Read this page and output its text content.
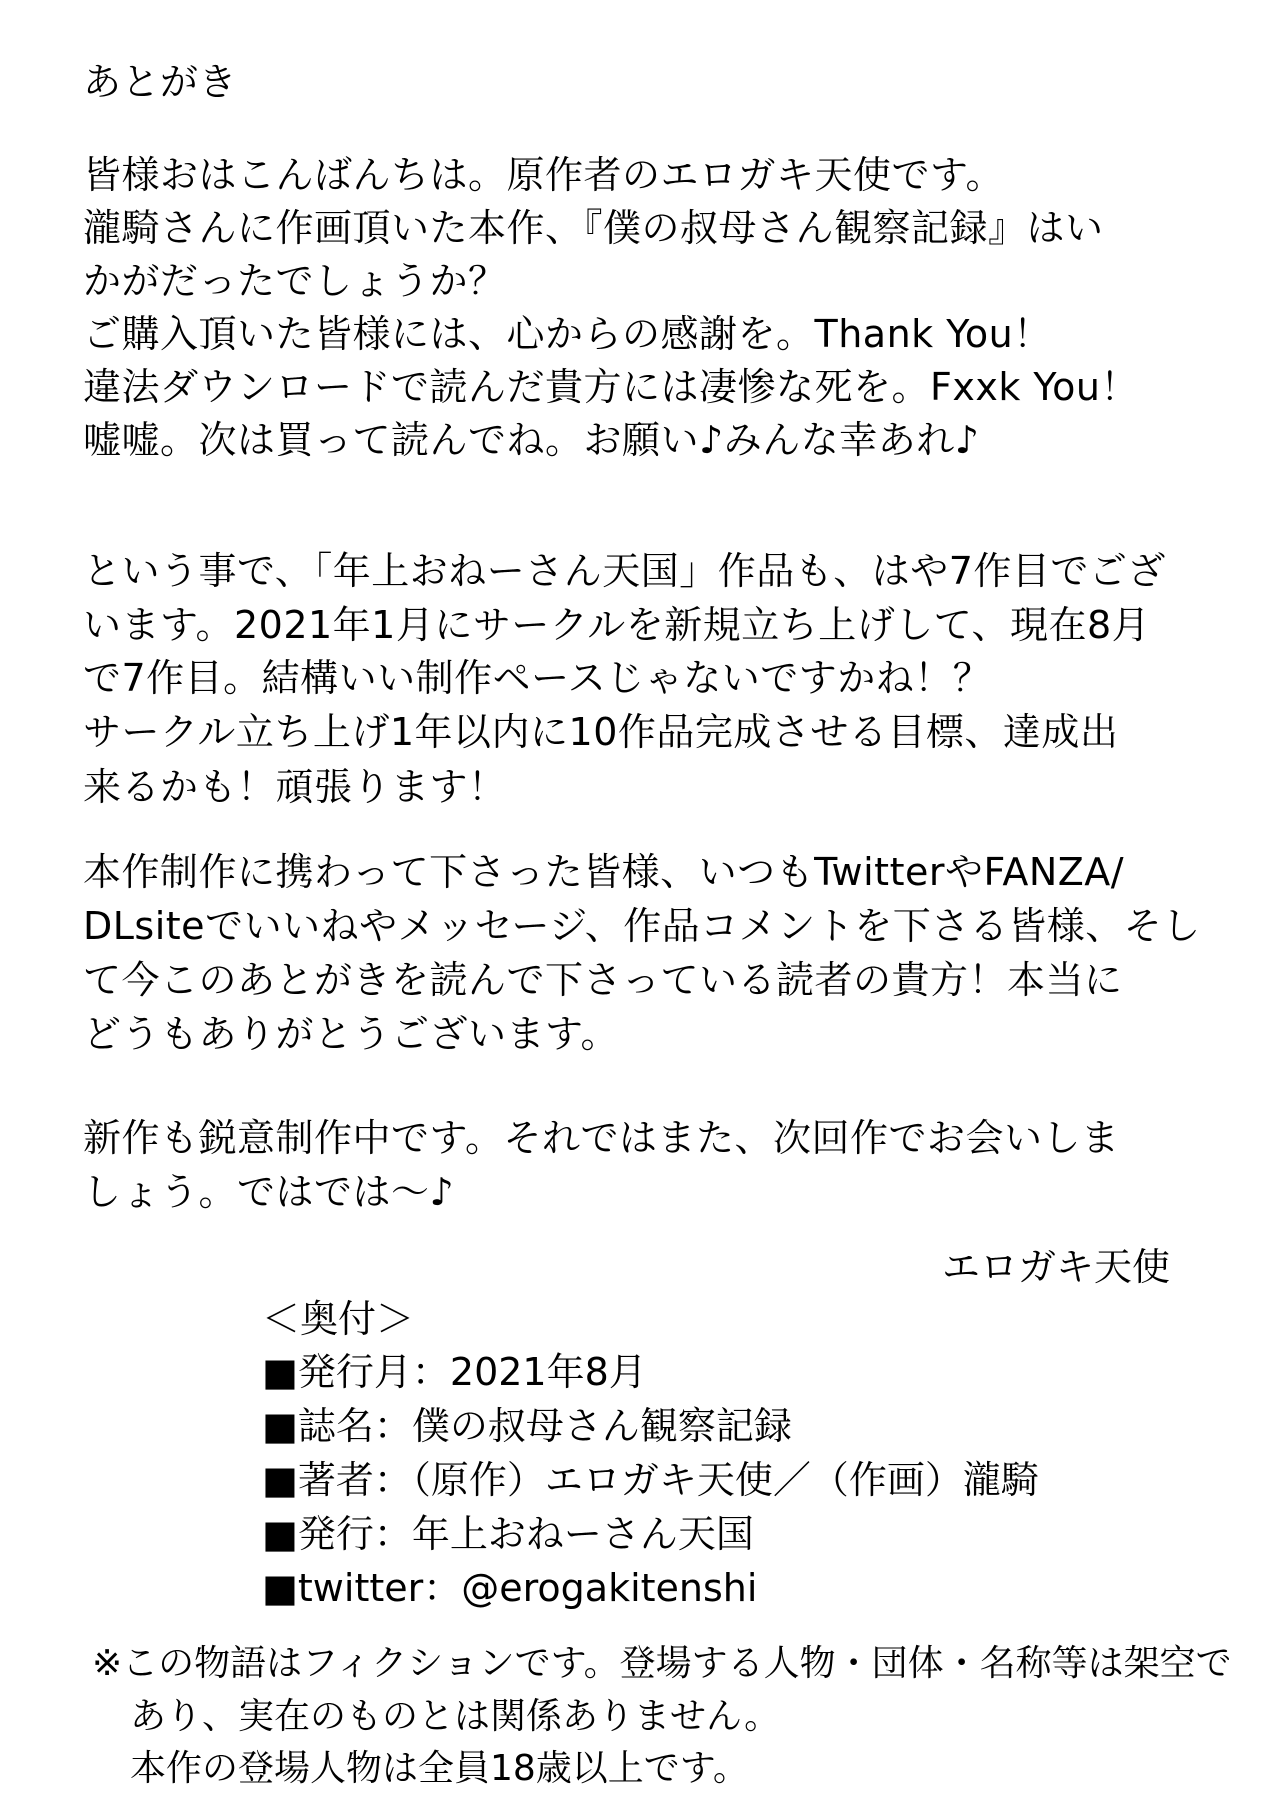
あとがき
皆様おはこんばんちは。原作者のエロガキ天使です。
瀧騎さんに作画頂いた本作、『僕の叔母さん観察記録』はい
かがだったでしょうか？
ご購入頂いた皆様には、心からの感謝を。Thank You！
違法ダウンロードで読んだ貴方には凄惨な死を。Fxxk You！
嘘嘘。次は買って読んでね。お願い♪みんな幸あれ♪
という事で、「年上おねーさん天国」作品も、はや7作目でござ
います。2021年1月にサークルを新規立ち上げして、現在8月
で7作目。結構いい制作ペースじゃないですかね！？
サークル立ち上げ1年以内に10作品完成させる目標、達成出
来るかも！頑張ります！
本作制作に携わって下さった皆様、いつもTwitterやFANZA/
DLsiteでいいねやメッセージ、作品コメントを下さる皆様、そし
て今このあとがきを読んで下さっている読者の貴方！本当に
どうもありがとうございます。
新作も鋭意制作中です。それではまた、次回作でお会いしま
しょう。ではでは～♪
エロガキ天使
＜奥付＞
■発行月：2021年8月
■誌名：僕の叔母さん観察記録
■著者：（原作）エロガキ天使／（作画）瀧騎
■発行：年上おねーさん天国
■twitter：@erogakitenshi
※この物語はフィクションです。登場する人物・団体・名称等は架空で
あり、実在のものとは関係ありません。
本作の登場人物は全員18歳以上です。
